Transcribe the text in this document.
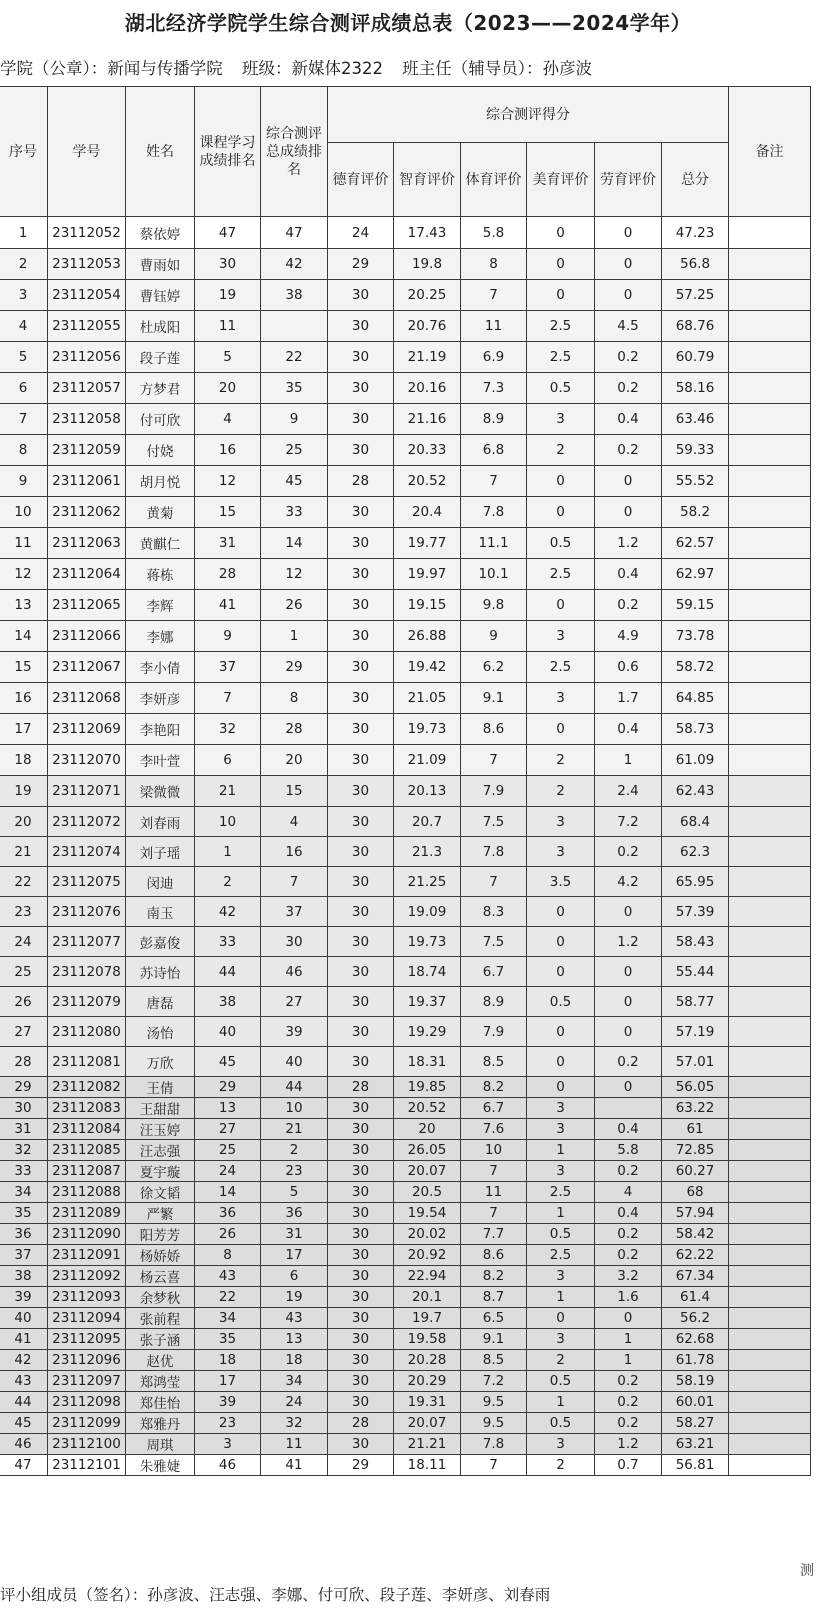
湖北经济学院学生综合测评成绩总表（2023——2024学年）
学院（公章）：新闻与传播学院 班级：新媒体2322 班主任（辅导员）：孙彦波
序号	学号	姓名	课程学习成绩排名	综合测评总成绩排名	综合测评得分						备注
					德育评价	智育评价	体育评价	美育评价	劳育评价	总分	
1	23112052	蔡依婷	47	47	24	17.43	5.8	0	0	47.23	
2	23112053	曹雨如	30	42	29	19.8	8	0	0	56.8	
3	23112054	曹钰婷	19	38	30	20.25	7	0	0	57.25	
4	23112055	杜成阳	11		30	20.76	11	2.5	4.5	68.76	
5	23112056	段子莲	5	22	30	21.19	6.9	2.5	0.2	60.79	
6	23112057	方梦君	20	35	30	20.16	7.3	0.5	0.2	58.16	
7	23112058	付可欣	4	9	30	21.16	8.9	3	0.4	63.46	
8	23112059	付娆	16	25	30	20.33	6.8	2	0.2	59.33	
9	23112061	胡月悦	12	45	28	20.52	7	0	0	55.52	
10	23112062	黄菊	15	33	30	20.4	7.8	0	0	58.2	
11	23112063	黄麒仁	31	14	30	19.77	11.1	0.5	1.2	62.57	
12	23112064	蒋栋	28	12	30	19.97	10.1	2.5	0.4	62.97	
13	23112065	李辉	41	26	30	19.15	9.8	0	0.2	59.15	
14	23112066	李娜	9	1	30	26.88	9	3	4.9	73.78	
15	23112067	李小倩	37	29	30	19.42	6.2	2.5	0.6	58.72	
16	23112068	李妍彦	7	8	30	21.05	9.1	3	1.7	64.85	
17	23112069	李艳阳	32	28	30	19.73	8.6	0	0.4	58.73	
18	23112070	李叶萱	6	20	30	21.09	7	2	1	61.09	
19	23112071	梁微微	21	15	30	20.13	7.9	2	2.4	62.43	
20	23112072	刘春雨	10	4	30	20.7	7.5	3	7.2	68.4	
21	23112074	刘子瑶	1	16	30	21.3	7.8	3	0.2	62.3	
22	23112075	闵迪	2	7	30	21.25	7	3.5	4.2	65.95	
23	23112076	南玉	42	37	30	19.09	8.3	0	0	57.39	
24	23112077	彭嘉俊	33	30	30	19.73	7.5	0	1.2	58.43	
25	23112078	苏诗怡	44	46	30	18.74	6.7	0	0	55.44	
26	23112079	唐磊	38	27	30	19.37	8.9	0.5	0	58.77	
27	23112080	汤怡	40	39	30	19.29	7.9	0	0	57.19	
28	23112081	万欣	45	40	30	18.31	8.5	0	0.2	57.01	
29	23112082	王倩	29	44	28	19.85	8.2	0	0	56.05	
30	23112083	王甜甜	13	10	30	20.52	6.7	3		63.22	
31	23112084	汪玉婷	27	21	30	20	7.6	3	0.4	61	
32	23112085	汪志强	25	2	30	26.05	10	1	5.8	72.85	
33	23112087	夏宇璇	24	23	30	20.07	7	3	0.2	60.27	
34	23112088	徐文韬	14	5	30	20.5	11	2.5	4	68	
35	23112089	严繁	36	36	30	19.54	7	1	0.4	57.94	
36	23112090	阳芳芳	26	31	30	20.02	7.7	0.5	0.2	58.42	
37	23112091	杨娇娇	8	17	30	20.92	8.6	2.5	0.2	62.22	
38	23112092	杨云喜	43	6	30	22.94	8.2	3	3.2	67.34	
39	23112093	余梦秋	22	19	30	20.1	8.7	1	1.6	61.4	
40	23112094	张前程	34	43	30	19.7	6.5	0	0	56.2	
41	23112095	张子涵	35	13	30	19.58	9.1	3	1	62.68	
42	23112096	赵优	18	18	30	20.28	8.5	2	1	61.78	
43	23112097	郑鸿莹	17	34	30	20.29	7.2	0.5	0.2	58.19	
44	23112098	郑佳怡	39	24	30	19.31	9.5	1	0.2	60.01	
45	23112099	郑雅丹	23	32	28	20.07	9.5	0.5	0.2	58.27	
46	23112100	周琪	3	11	30	21.21	7.8	3	1.2	63.21	
47	23112101	朱雅婕	46	41	29	18.11	7	2	0.7	56.81	
评小组成员（签名）：孙彦波、汪志强、李娜、付可欣、段子莲、李妍彦、刘春雨
测
